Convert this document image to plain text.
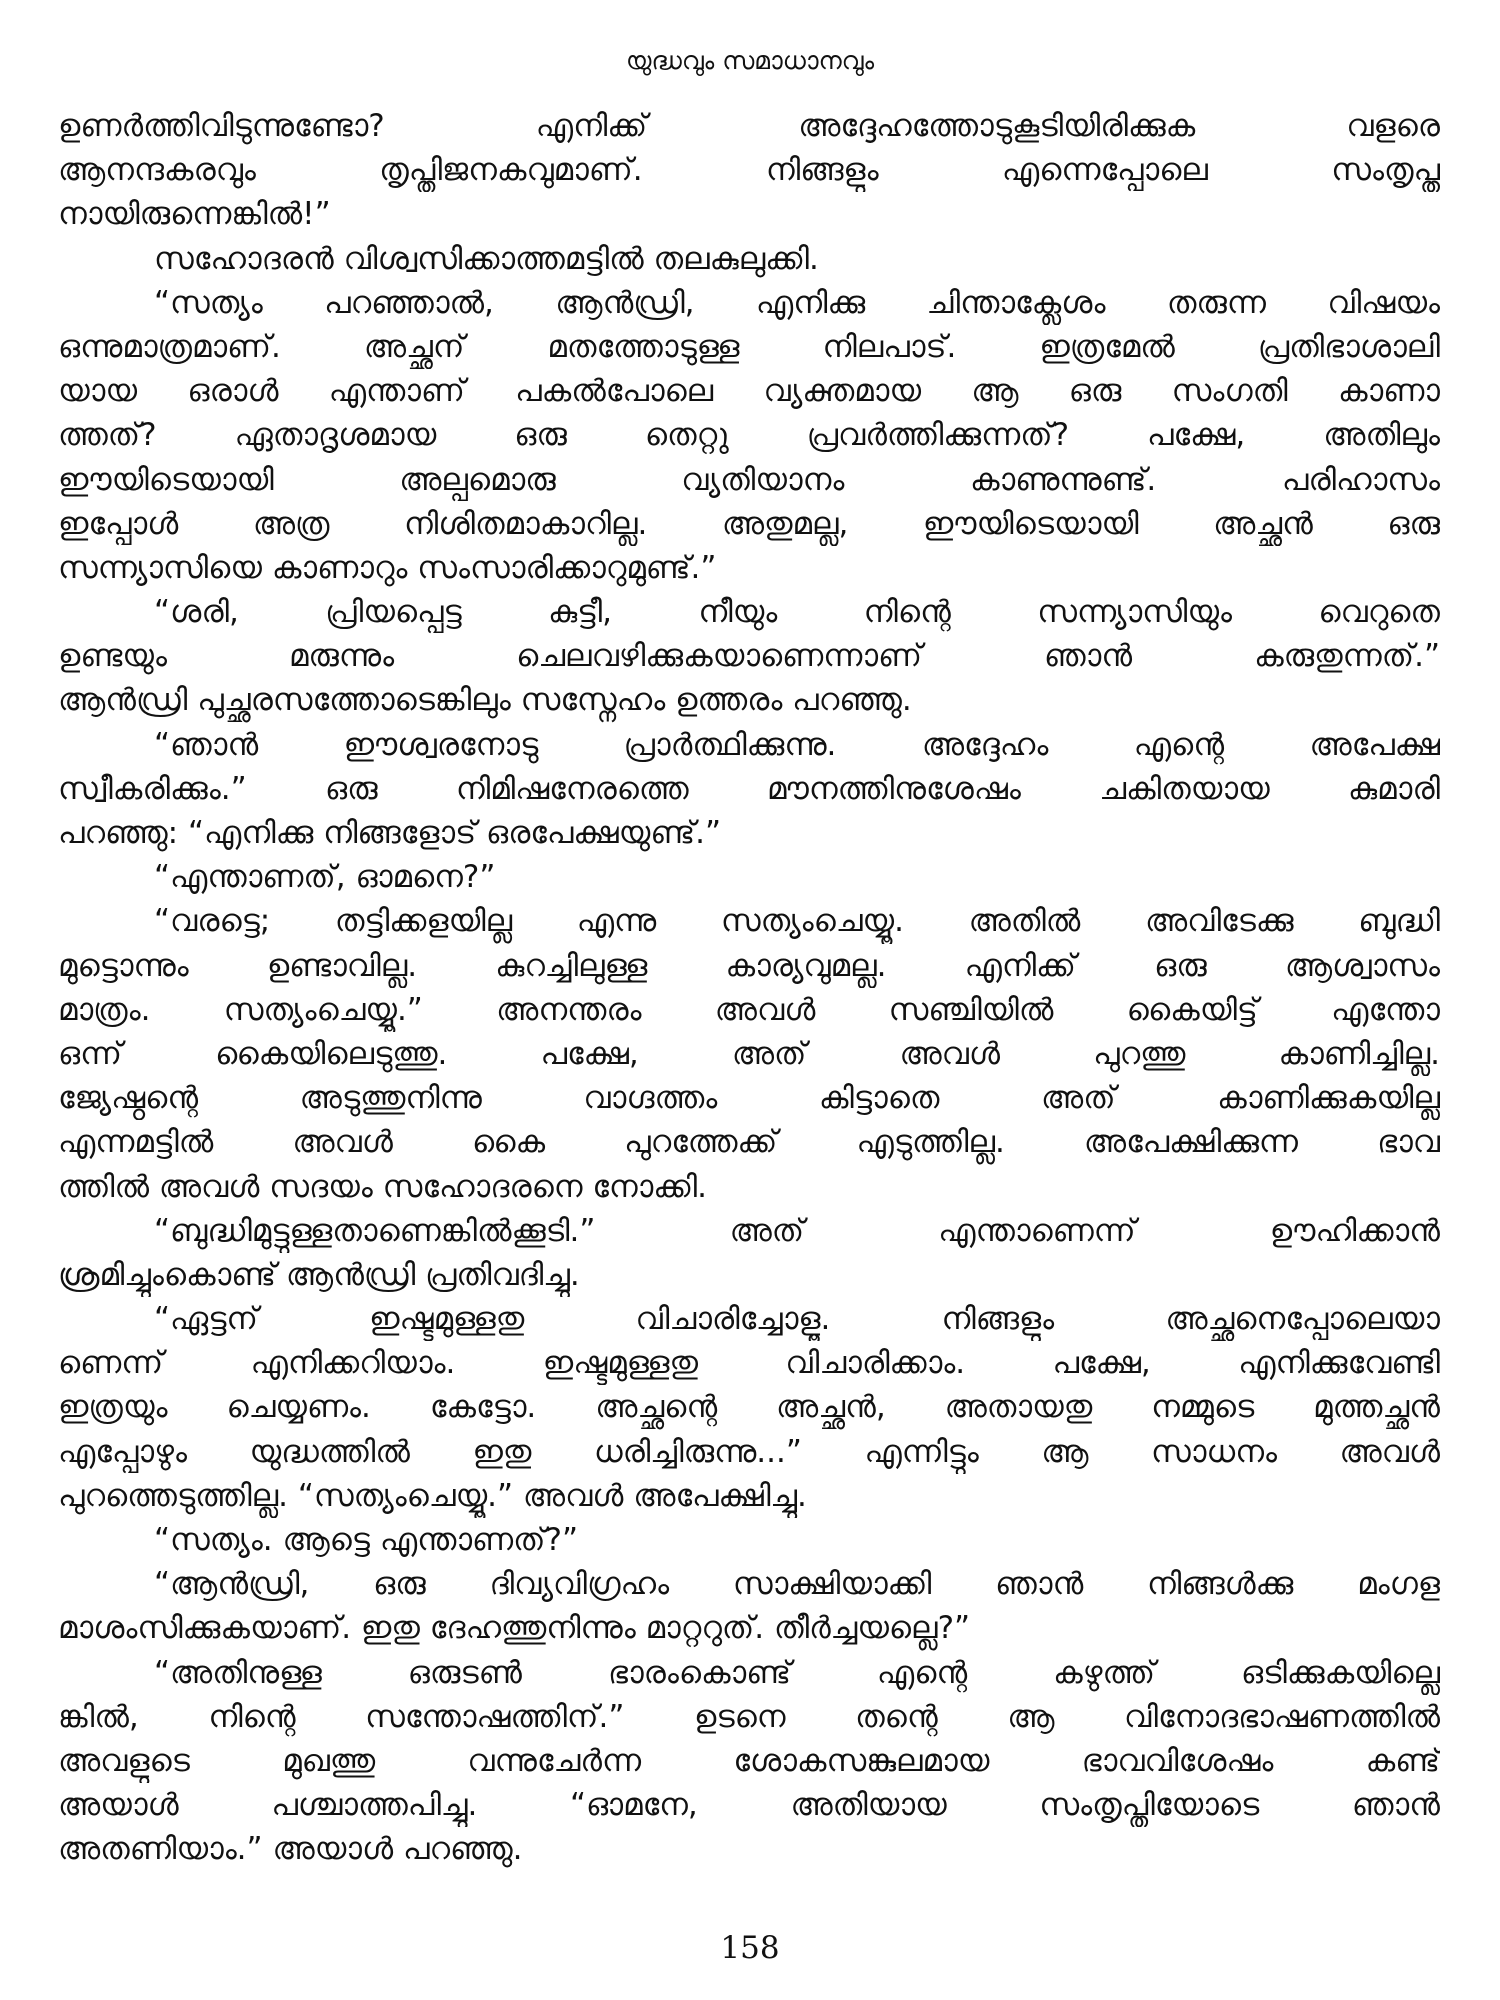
യുദ്ധവും സമാധാനവും
ഉണർത്തിവിടുന്നുണ്ടോ? എനിക്ക് അദ്ദേഹത്തോടുകൂടിയിരിക്കുക വളരെ
ആനന്ദകരവും തൃപ്തിജനകവുമാണ്. നിങ്ങളും എന്നെപ്പോലെ സംതൃപ്ത
നായിരുന്നെങ്കിൽ!”
സഹോദരൻ വിശ്വസിക്കാത്തമട്ടിൽ തലകുലുക്കി.
“സത്യം പറഞ്ഞാൽ, ആൻഡ്രി, എനിക്കു ചിന്താക്ലേശം തരുന്ന വിഷയം
ഒന്നുമാത്രമാണ്. അച്ഛന് മതത്തോടുള്ള നിലപാട്. ഇത്രമേൽ പ്രതിഭാശാലി
യായ ഒരാൾ എന്താണ് പകൽപോലെ വ്യക്തമായ ആ ഒരു സംഗതി കാണാ
ത്തത്? ഏതാദൃശമായ ഒരു തെറ്റു പ്രവർത്തിക്കുന്നത്? പക്ഷേ, അതിലും
ഈയിടെയായി അല്പമൊരു വ്യതിയാനം കാണുന്നുണ്ട്. പരിഹാസം
ഇപ്പോൾ അത്ര നിശിതമാകാറില്ല. അതുമല്ല, ഈയിടെയായി അച്ഛൻ ഒരു
സന്ന്യാസിയെ കാണാറും സംസാരിക്കാറുമുണ്ട്.”
“ശരി, പ്രിയപ്പെട്ട കുട്ടീ, നീയും നിന്റെ സന്ന്യാസിയും വെറുതെ
ഉണ്ടയും മരുന്നും ചെലവഴിക്കുകയാണെന്നാണ് ഞാൻ കരുതുന്നത്.”
ആൻഡ്രി പുച്ഛരസത്തോടെങ്കിലും സസ്നേഹം ഉത്തരം പറഞ്ഞു.
“ഞാൻ ഈശ്വരനോടു പ്രാർത്ഥിക്കുന്നു. അദ്ദേഹം എന്റെ അപേക്ഷ
സ്വീകരിക്കും.” ഒരു നിമിഷനേരത്തെ മൗനത്തിനുശേഷം ചകിതയായ കുമാരി
പറഞ്ഞു: “എനിക്കു നിങ്ങളോട് ഒരപേക്ഷയുണ്ട്.”
“എന്താണത്, ഓമനെ?”
“വരട്ടെ; തട്ടിക്കളയില്ല എന്നു സത്യംചെയ്യൂ. അതിൽ അവിടേക്കു ബുദ്ധി
മുട്ടൊന്നും ഉണ്ടാവില്ല. കുറച്ചിലുള്ള കാര്യവുമല്ല. എനിക്ക് ഒരു ആശ്വാസം
മാത്രം. സത്യംചെയ്യൂ.” അനന്തരം അവൾ സഞ്ചിയിൽ കൈയിട്ട് എന്തോ
ഒന്ന് കൈയിലെടുത്തു. പക്ഷേ, അത് അവൾ പുറത്തു കാണിച്ചില്ല.
ജ്യേഷ്ഠന്റെ അടുത്തുനിന്നു വാഗ്ദത്തം കിട്ടാതെ അത് കാണിക്കുകയില്ല
എന്നമട്ടിൽ അവൾ കൈ പുറത്തേക്ക് എടുത്തില്ല. അപേക്ഷിക്കുന്ന ഭാവ
ത്തിൽ അവൾ സദയം സഹോദരനെ നോക്കി.
“ബുദ്ധിമുട്ടുള്ളതാണെങ്കിൽക്കൂടി.” അത് എന്താണെന്ന് ഊഹിക്കാൻ
ശ്രമിച്ചുംകൊണ്ട് ആൻഡ്രി പ്രതിവദിച്ചു.
“ഏട്ടന് ഇഷ്ടമുള്ളതു വിചാരിച്ചോളൂ. നിങ്ങളും അച്ഛനെപ്പോലെയാ
ണെന്ന് എനിക്കറിയാം. ഇഷ്ടമുള്ളതു വിചാരിക്കാം. പക്ഷേ, എനിക്കുവേണ്ടി
ഇത്രയും ചെയ്യണം. കേട്ടോ. അച്ഛന്റെ അച്ഛൻ, അതായതു നമ്മുടെ മുത്തച്ഛൻ
എപ്പോഴും യുദ്ധത്തിൽ ഇതു ധരിച്ചിരുന്നു...” എന്നിട്ടും ആ സാധനം അവൾ
പുറത്തെടുത്തില്ല. “സത്യംചെയ്യൂ.” അവൾ അപേക്ഷിച്ചു.
“സത്യം. ആട്ടെ എന്താണത്?”
“ആൻഡ്രി, ഒരു ദിവ്യവിഗ്രഹം സാക്ഷിയാക്കി ഞാൻ നിങ്ങൾക്കു മംഗള
മാശംസിക്കുകയാണ്. ഇതു ദേഹത്തുനിന്നും മാറ്ററുത്. തീർച്ചയല്ലെ?”
“അതിനുള്ള ഒരുടൺ ഭാരംകൊണ്ട് എന്റെ കഴുത്ത് ഒടിക്കുകയില്ലെ
ങ്കിൽ, നിന്റെ സന്തോഷത്തിന്.” ഉടനെ തന്റെ ആ വിനോദഭാഷണത്തിൽ
അവളുടെ മുഖത്തു വന്നുചേർന്ന ശോകസങ്കുലമായ ഭാവവിശേഷം കണ്ട്
അയാൾ പശ്ചാത്തപിച്ചു. “ഓമനേ, അതിയായ സംതൃപ്തിയോടെ ഞാൻ
അതണിയാം.” അയാൾ പറഞ്ഞു.
158
